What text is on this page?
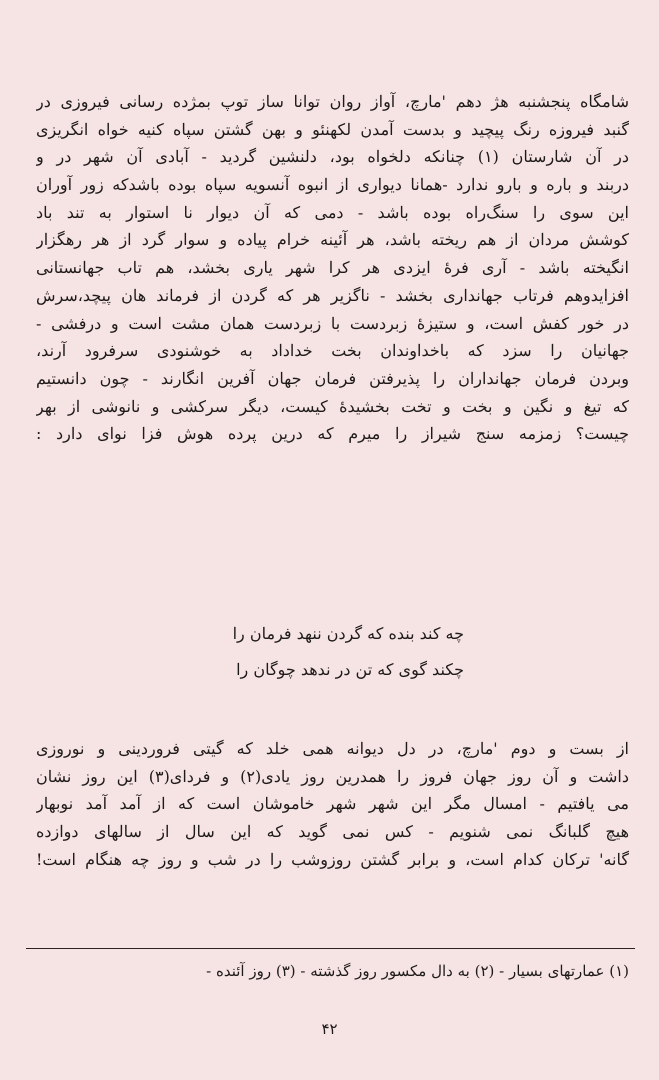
شامگاه پنجشنبه هژ دهم 'مارچ، آواز روان توانا ساز توپ بمژده رسانی فیروزی در
گنبد فیروزه رنگ پیچید و بدست آمدن لکهنئو و بهن گشتن سپاه کنیه خواه انگریزی
در آن شارستان (۱) چنانکه دلخواه بود، دلنشین گردید - آبادی آن شهر در و
دربند و باره و بارو ندارد -همانا دیواری از انبوه آنسویه سپاه بوده باشدکه زور آوران
این سوی را سنگ‌راه بوده باشد - دمی که آن دیوار نا استوار به تند باد
کوشش مردان از هم ریخته باشد، هر آئینه خرام پیاده و سوار گرد از هر رهگزار
انگیخته باشد - آری فرهٔ ایزدی هر کرا شهر یاری بخشد، هم تاب جهانستانی
افزایدوهم فرتاب جهانداری بخشد - ناگزیر هر که گردن از فرماند هان پیچد،سرش
در خور کفش است، و ستیزهٔ زبردست با زبردست همان مشت است و درفشی -
جهانیان را سزد که باخداوندان بخت خداداد به خوشنودی سرفرود آرند،
وبردن فرمان جهانداران را پذیرفتن فرمان جهان آفرین انگارند - چون دانستیم
که تیغ و نگین و بخت و تخت بخشیدهٔ کیست، دیگر سرکشی و نانوشی از بهر
چیست؟ زمزمه سنج شیراز را میرم که درین پرده هوش فزا نوای دارد :
چه کند بنده که گردن ننهد فرمان را
چکند گوی که تن در ندهد چوگان را
از بست و دوم 'مارچ، در دل دیوانه همی خلد که گیتی فروردینی و نوروزی
داشت و آن روز جهان فروز را همدرین روز یادی(۲) و فردای(۳) این روز نشان
می یافتیم - امسال مگر این شهر شهر خاموشان است که از آمد آمد نوبهار
هیچ گلبانگ نمی شنویم - کس نمی گوید که این سال از سالهای دوازده
گانه' ترکان کدام است، و برابر گشتن روزوشب را در شب و روز چه هنگام است!
(۱) عمارتهای بسیار - (۲) به دال مکسور روز گذشته - (۳) روز آئنده -
۴۲
